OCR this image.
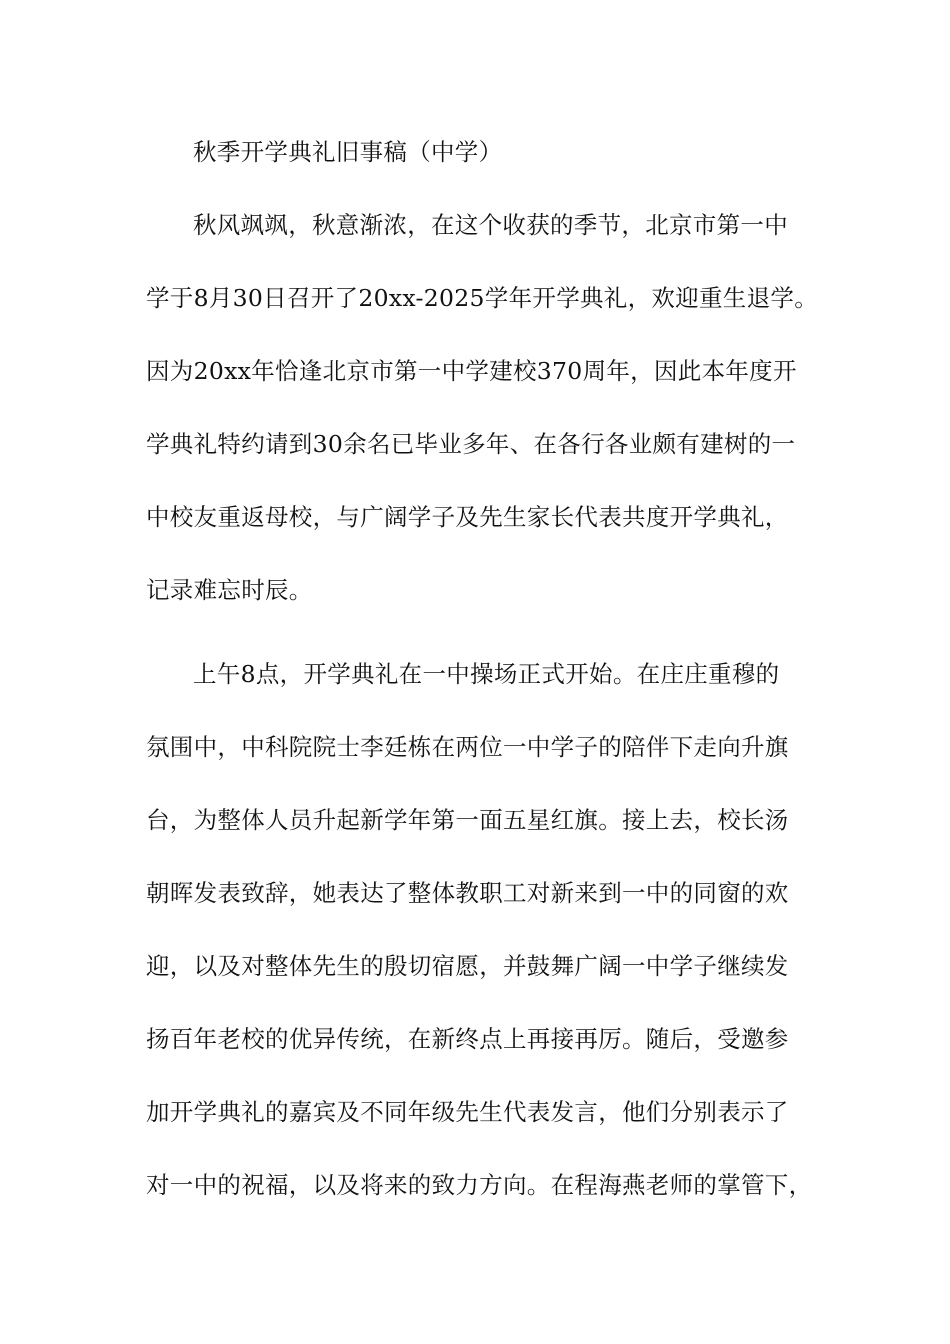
秋季开学典礼旧事稿（中学）
秋风飒飒，秋意渐浓，在这个收获的季节，北京市第一中
学于8月30日召开了20xx-2025学年开学典礼，欢迎重生退学。
因为20xx年恰逢北京市第一中学建校370周年，因此本年度开
学典礼特约请到30余名已毕业多年、在各行各业颇有建树的一
中校友重返母校，与广阔学子及先生家长代表共度开学典礼，
记录难忘时辰。
上午8点，开学典礼在一中操场正式开始。在庄庄重穆的
氛围中，中科院院士李廷栋在两位一中学子的陪伴下走向升旗
台，为整体人员升起新学年第一面五星红旗。接上去，校长汤
朝晖发表致辞，她表达了整体教职工对新来到一中的同窗的欢
迎，以及对整体先生的殷切宿愿，并鼓舞广阔一中学子继续发
扬百年老校的优异传统，在新终点上再接再厉。随后，受邀参
加开学典礼的嘉宾及不同年级先生代表发言，他们分别表示了
对一中的祝福，以及将来的致力方向。在程海燕老师的掌管下，
